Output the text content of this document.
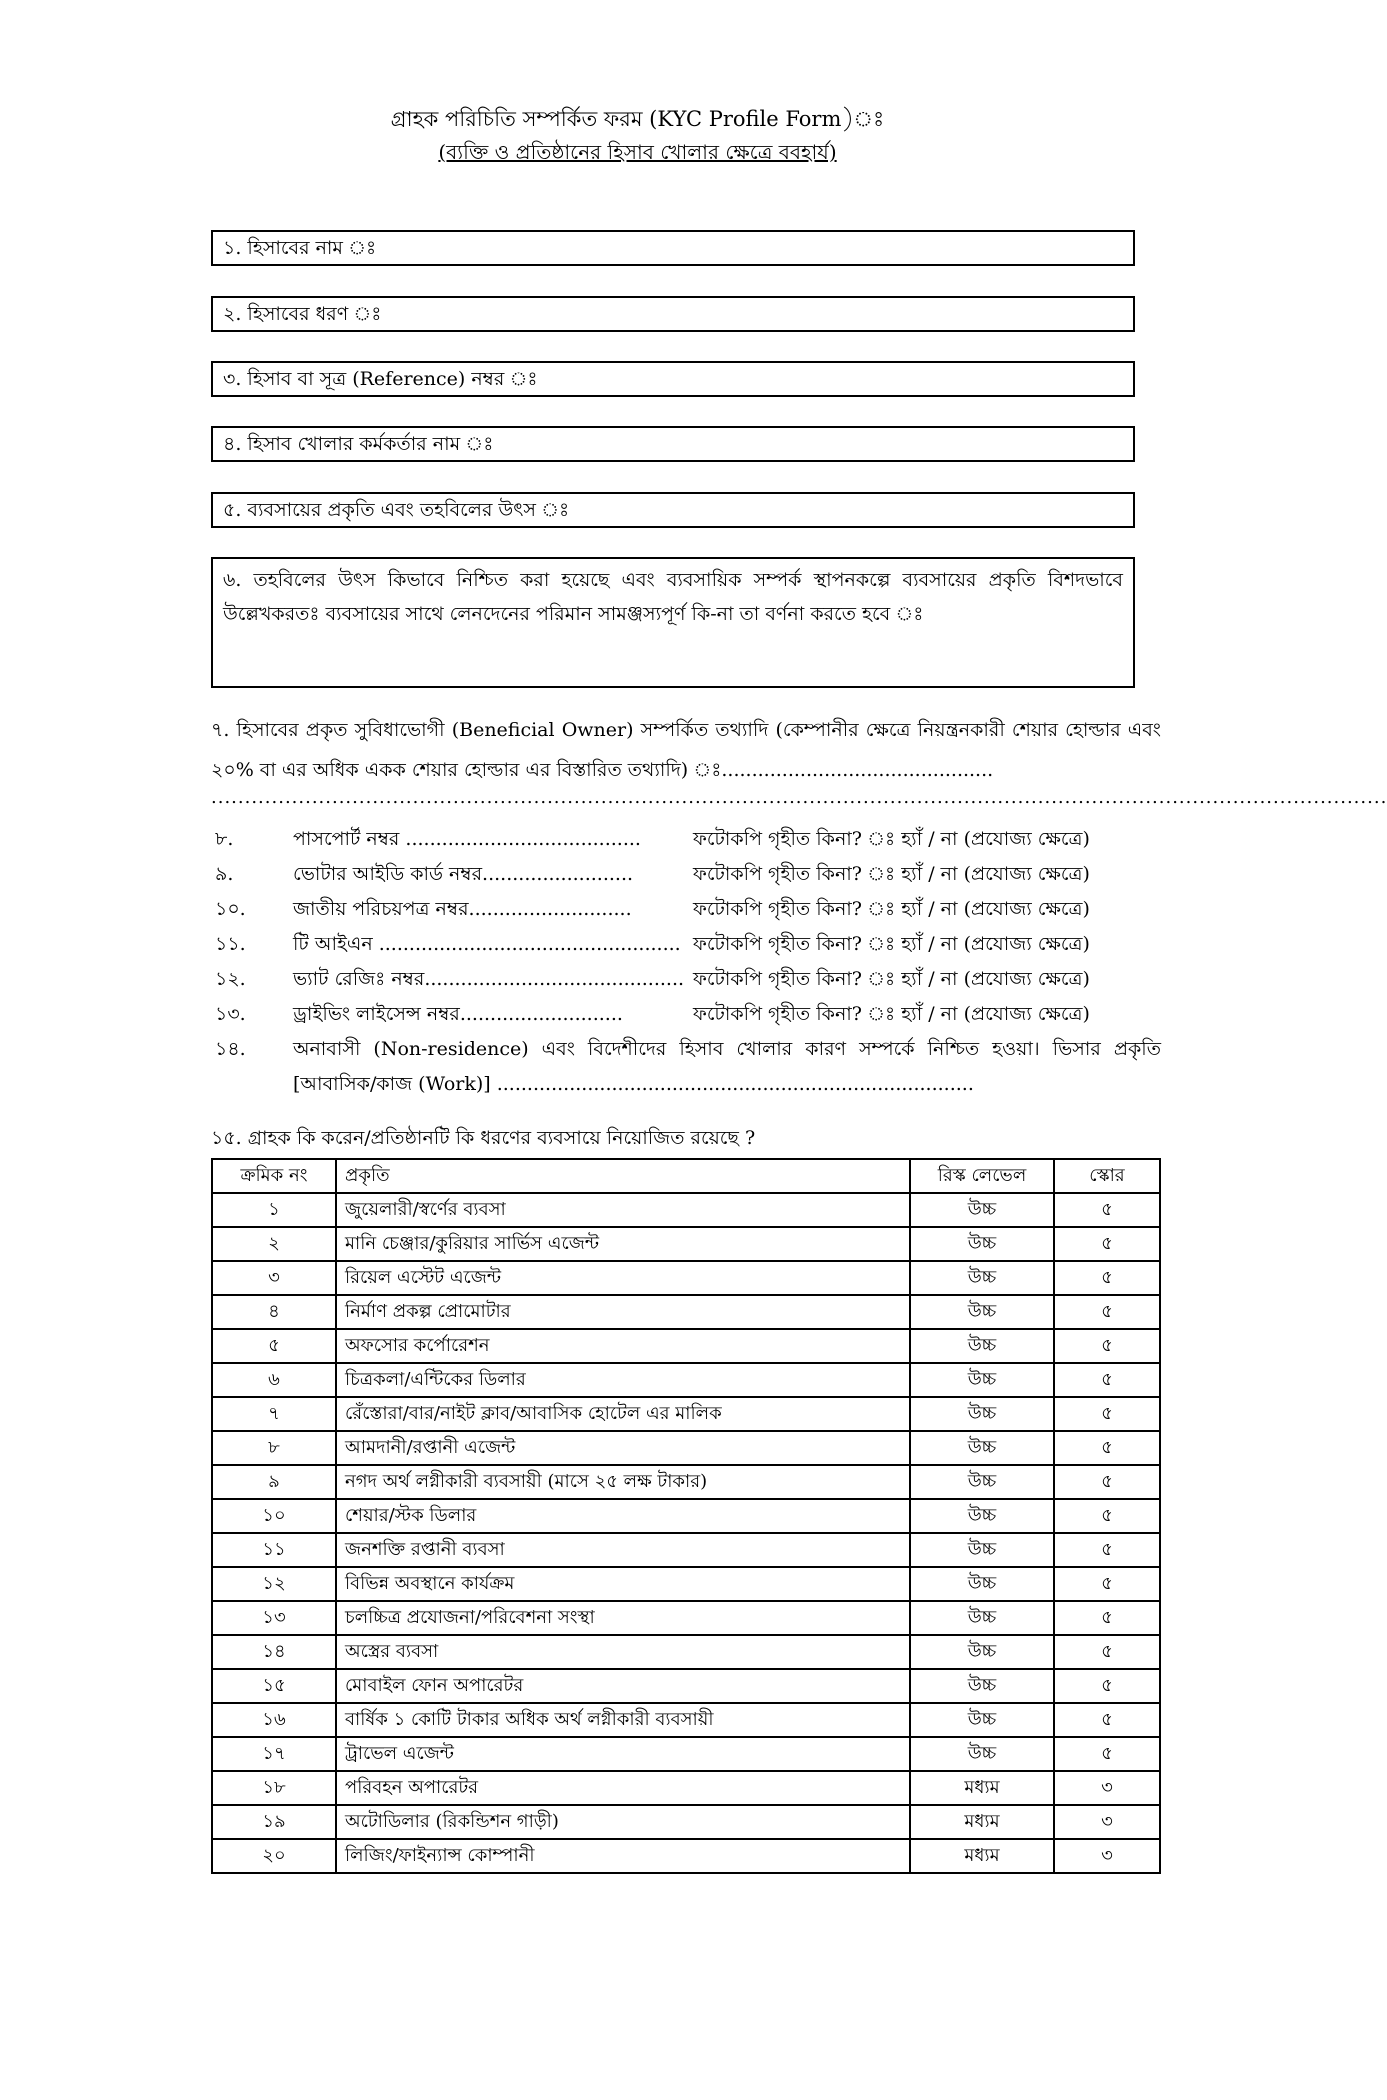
গ্রাহক পরিচিতি সম্পর্কিত ফরম (KYC Profile Form)ঃ
(ব্যক্তি ও প্রতিষ্ঠানের হিসাব খোলার ক্ষেত্রে ববহার্য)
১. হিসাবের নাম ঃ
২. হিসাবের ধরণ ঃ
৩. হিসাব বা সূত্র (Reference) নম্বর ঃ
৪. হিসাব খোলার কর্মকর্তার নাম ঃ
৫. ব্যবসায়ের প্রকৃতি এবং তহবিলের উৎস ঃ
৬. তহবিলের উৎস কিভাবে নিশ্চিত করা হয়েছে এবং ব্যবসায়িক সম্পর্ক স্থাপনকল্পে ব্যবসায়ের প্রকৃতি বিশদভাবে উল্লেখকরতঃ ব্যবসায়ের সাথে লেনদেনের পরিমান সামঞ্জস্যপূর্ণ কি-না তা বর্ণনা করতে হবে ঃ
৭. হিসাবের প্রকৃত সুবিধাভোগী (Beneficial Owner) সম্পর্কিত তথ্যাদি (কেম্পানীর ক্ষেত্রে নিয়ন্ত্রনকারী শেয়ার হোল্ডার এবং ২০% বা এর অধিক একক শেয়ার হোল্ডার এর বিস্তারিত তথ্যাদি) ঃ.............................................
...............................................................................................................................................................................
৮.	পাসপোর্ট নম্বর .......................................	ফটোকপি গৃহীত কিনা? ঃ হ্যাঁ / না (প্রযোজ্য ক্ষেত্রে)
৯.	ভোটার আইডি কার্ড নম্বর.........................	ফটোকপি গৃহীত কিনা? ঃ হ্যাঁ / না (প্রযোজ্য ক্ষেত্রে)
১০.	জাতীয় পরিচয়পত্র নম্বর...........................	ফটোকপি গৃহীত কিনা? ঃ হ্যাঁ / না (প্রযোজ্য ক্ষেত্রে)
১১.	টি আইএন .................................................. ফটোকপি গৃহীত কিনা? ঃ হ্যাঁ / না (প্রযোজ্য ক্ষেত্রে)
১২.	ভ্যাট রেজিঃ নম্বর........................................... ফটোকপি গৃহীত কিনা? ঃ হ্যাঁ / না (প্রযোজ্য ক্ষেত্রে)
১৩.	ড্রাইভিং লাইসেন্স নম্বর...........................	ফটোকপি গৃহীত কিনা? ঃ হ্যাঁ / না (প্রযোজ্য ক্ষেত্রে)
১৪.	অনাবাসী (Non-residence) এবং বিদেশীদের হিসাব খোলার কারণ সম্পর্কে নিশ্চিত হওয়া। ভিসার প্রকৃতি [আবাসিক/কাজ (Work)] ...............................................................................
১৫. গ্রাহক কি করেন/প্রতিষ্ঠানটি কি ধরণের ব্যবসায়ে নিয়োজিত রয়েছে ?
ক্রমিক নং	প্রকৃতি	রিস্ক লেভেল	স্কোর
১	জুয়েলারী/স্বর্ণের ব্যবসা	উচ্চ	৫
২	মানি চেঞ্জার/কুরিয়ার সার্ভিস এজেন্ট	উচ্চ	৫
৩	রিয়েল এস্টেট এজেন্ট	উচ্চ	৫
৪	নির্মাণ প্রকল্প প্রোমোটার	উচ্চ	৫
৫	অফসোর কর্পোরেশন	উচ্চ	৫
৬	চিত্রকলা/এন্টিকের ডিলার	উচ্চ	৫
৭	রেঁস্তোরা/বার/নাইট ক্লাব/আবাসিক হোটেল এর মালিক	উচ্চ	৫
৮	আমদানী/রপ্তানী এজেন্ট	উচ্চ	৫
৯	নগদ অর্থ লগ্নীকারী ব্যবসায়ী (মাসে ২৫ লক্ষ টাকার)	উচ্চ	৫
১০	শেয়ার/স্টক ডিলার	উচ্চ	৫
১১	জনশক্তি রপ্তানী ব্যবসা	উচ্চ	৫
১২	বিভিন্ন অবস্থানে কার্যক্রম	উচ্চ	৫
১৩	চলচ্চিত্র প্রযোজনা/পরিবেশনা সংস্থা	উচ্চ	৫
১৪	অস্ত্রের ব্যবসা	উচ্চ	৫
১৫	মোবাইল ফোন অপারেটর	উচ্চ	৫
১৬	বার্ষিক ১ কোটি টাকার অধিক অর্থ লগ্নীকারী ব্যবসায়ী	উচ্চ	৫
১৭	ট্রাভেল এজেন্ট	উচ্চ	৫
১৮	পরিবহন অপারেটর	মধ্যম	৩
১৯	অটোডিলার (রিকন্ডিশন গাড়ী)	মধ্যম	৩
২০	লিজিং/ফাইন্যান্স কোম্পানী	মধ্যম	৩
